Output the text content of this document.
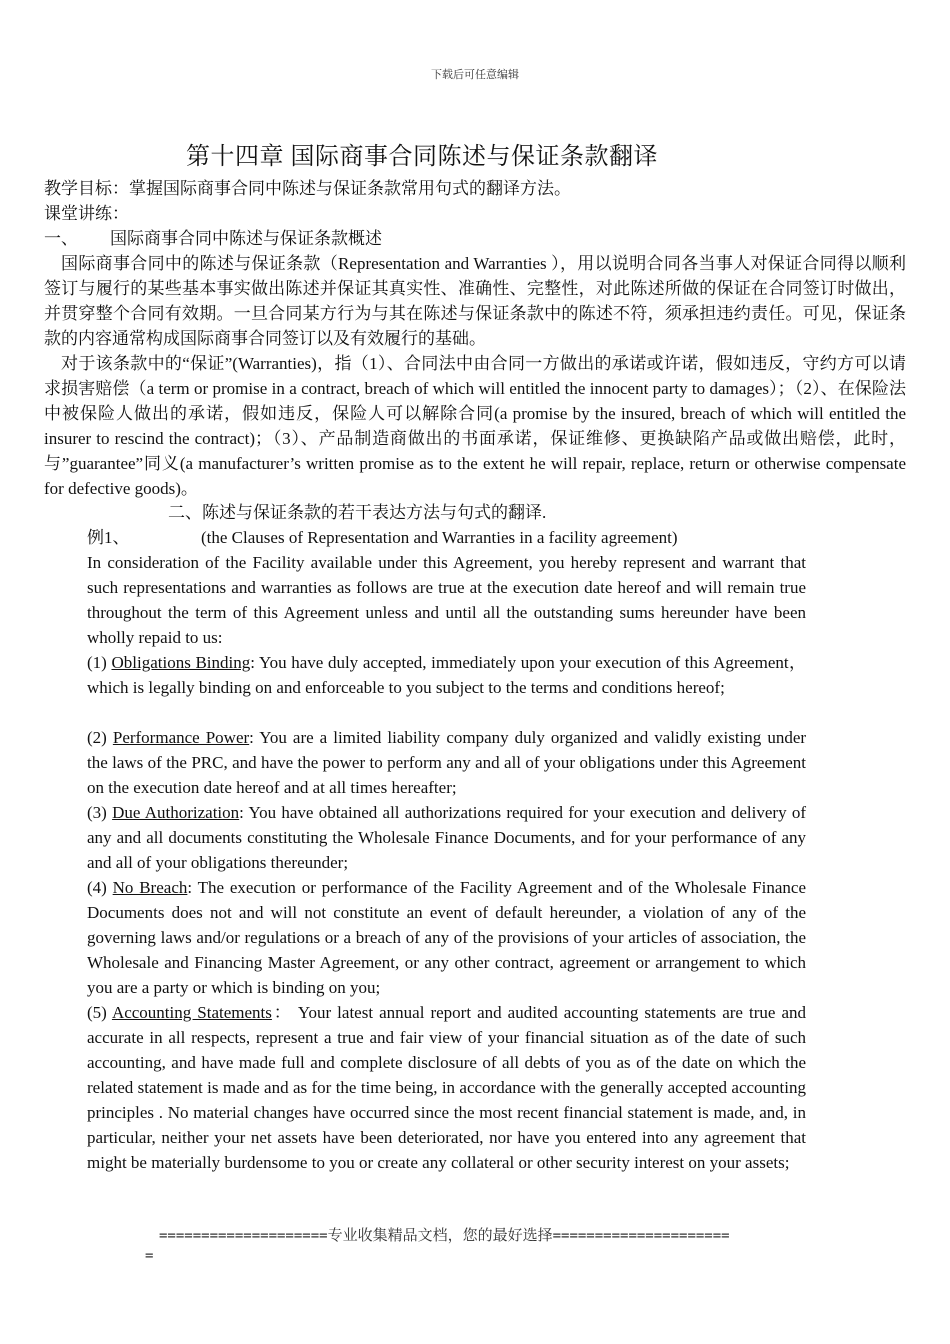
下载后可任意编辑
第十四章 国际商事合同陈述与保证条款翻译
教学目标：掌握国际商事合同中陈述与保证条款常用句式的翻译方法。
课堂讲练：
一、 国际商事合同中陈述与保证条款概述
国际商事合同中的陈述与保证条款（Representation and Warranties ），用以说明合同各当事人对保证合同得以顺利签订与履行的某些基本事实做出陈述并保证其真实性、准确性、完整性，对此陈述所做的保证在合同签订时做出，并贯穿整个合同有效期。一旦合同某方行为与其在陈述与保证条款中的陈述不符，须承担违约责任。可见，保证条款的内容通常构成国际商事合同签订以及有效履行的基础。
对于该条款中的“保证”(Warranties)，指（1）、合同法中由合同一方做出的承诺或许诺，假如违反，守约方可以请求损害赔偿（a term or promise in a contract, breach of which will entitled the innocent party to damages）；（2）、在保险法中被保险人做出的承诺，假如违反，保险人可以解除合同(a promise by the insured, breach of which will entitled the insurer to rescind the contract)；（3）、产品制造商做出的书面承诺，保证维修、更换缺陷产品或做出赔偿，此时，与”guarantee”同义(a manufacturer’s written promise as to the extent he will repair, replace, return or otherwise compensate for defective goods)。
二、陈述与保证条款的若干表达方法与句式的翻译.
例1、	(the Clauses of Representation and Warranties in a facility agreement)
In consideration of the Facility available under this Agreement, you hereby represent and warrant that such representations and warranties as follows are true at the execution date hereof and will remain true throughout the term of this Agreement unless and until all the outstanding sums hereunder have been wholly repaid to us:
(1) Obligations Binding: You have duly accepted, immediately upon your execution of this Agreement， which is legally binding on and enforceable to you subject to the terms and conditions hereof;
(2) Performance Power: You are a limited liability company duly organized and validly existing under the laws of the PRC, and have the power to perform any and all of your obligations under this Agreement on the execution date hereof and at all times hereafter;
(3) Due Authorization: You have obtained all authorizations required for your execution and delivery of any and all documents constituting the Wholesale Finance Documents, and for your performance of any and all of your obligations thereunder;
(4) No Breach: The execution or performance of the Facility Agreement and of the Wholesale Finance Documents does not and will not constitute an event of default hereunder, a violation of any of the governing laws and/or regulations or a breach of any of the provisions of your articles of association, the Wholesale and Financing Master Agreement, or any other contract, agreement or arrangement to which you are a party or which is binding on you;
(5) Accounting Statements： Your latest annual report and audited accounting statements are true and accurate in all respects, represent a true and fair view of your financial situation as of the date of such accounting, and have made full and complete disclosure of all debts of you as of the date on which the related statement is made and as for the time being, in accordance with the generally accepted accounting principles . No material changes have occurred since the most recent financial statement is made, and, in particular, neither your net assets have been deteriorated, nor have you entered into any agreement that might be materially burdensome to you or create any collateral or other security interest on your assets;
====================专业收集精品文档，您的最好选择=====================
=
